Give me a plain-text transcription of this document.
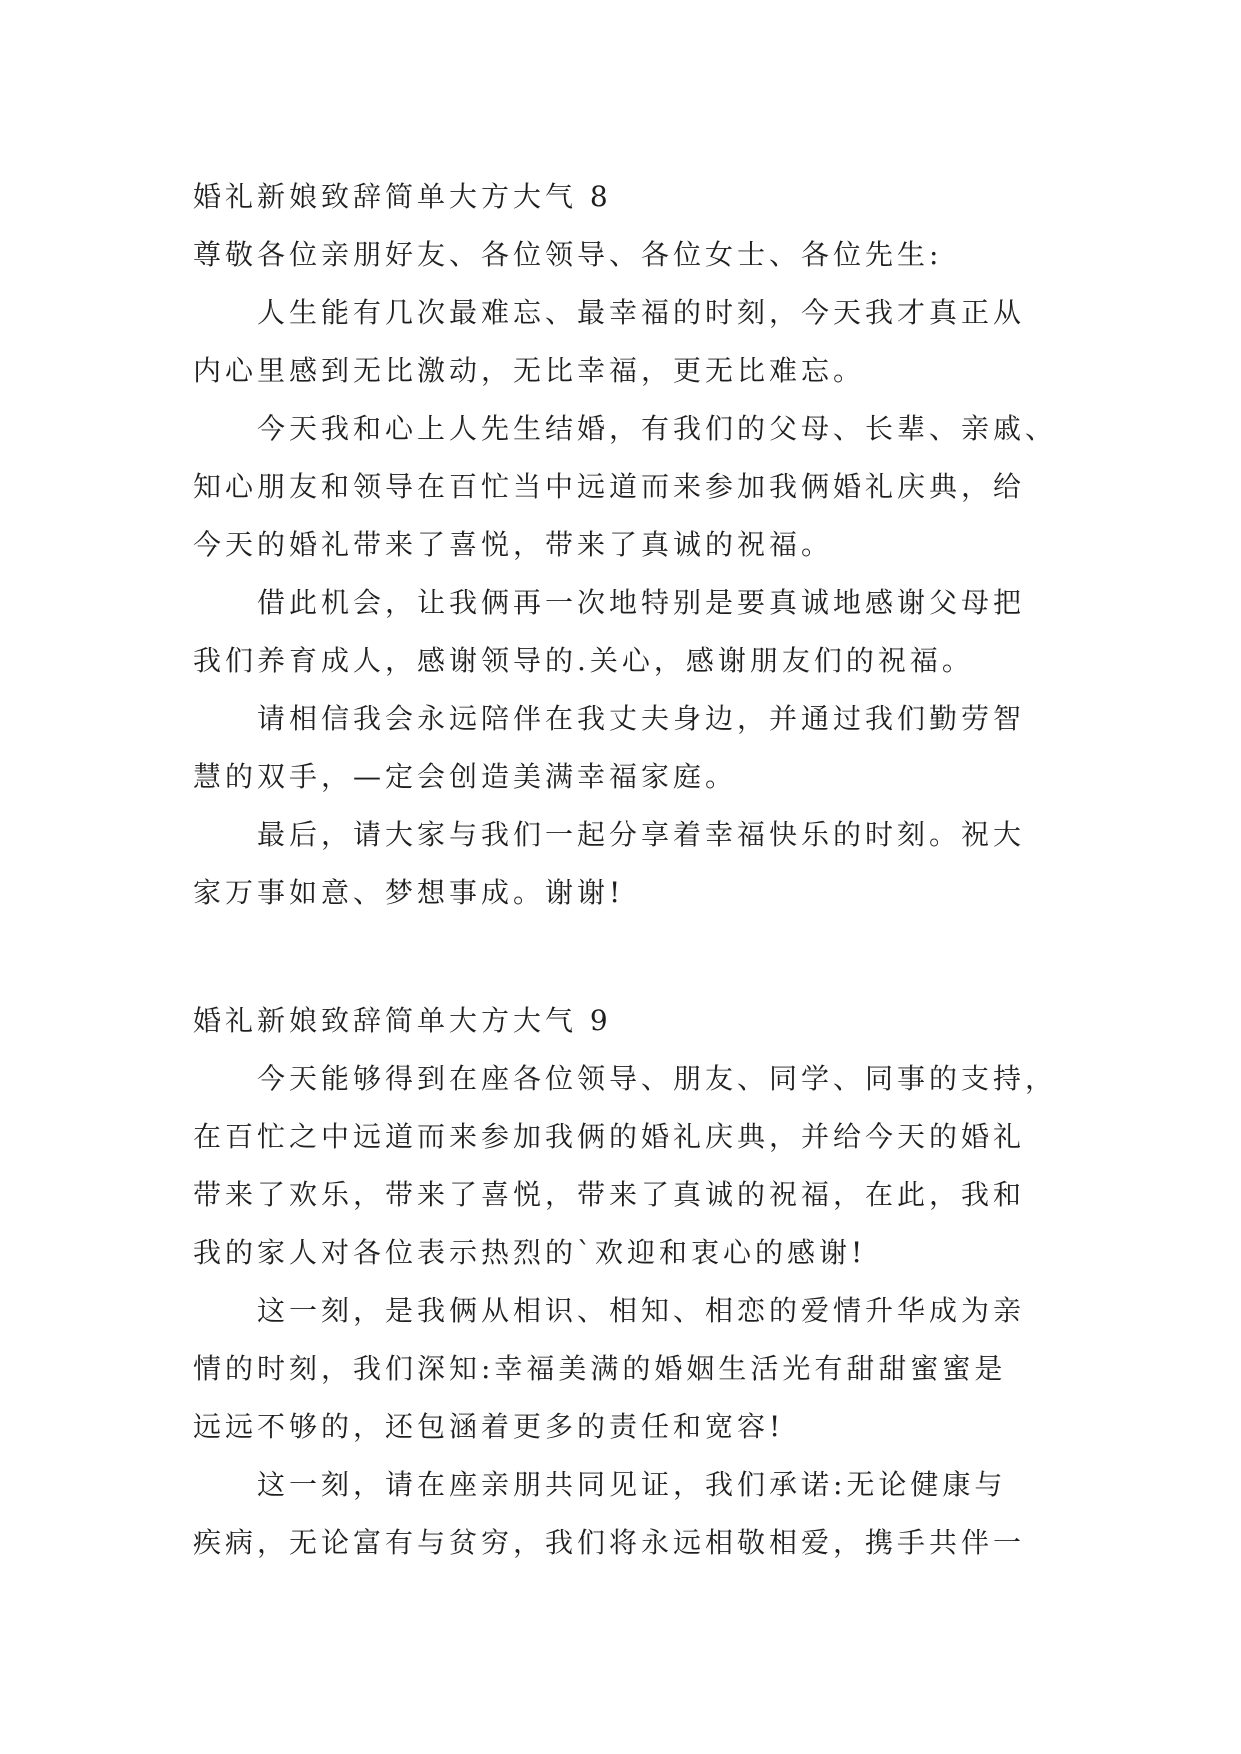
婚礼新娘致辞简单大方大气 8
尊敬各位亲朋好友、各位领导、各位女士、各位先生:
人生能有几次最难忘、最幸福的时刻，今天我才真正从
内心里感到无比激动，无比幸福，更无比难忘。
今天我和心上人先生结婚，有我们的父母、长辈、亲戚、
知心朋友和领导在百忙当中远道而来参加我俩婚礼庆典，给
今天的婚礼带来了喜悦，带来了真诚的祝福。
借此机会，让我俩再一次地特别是要真诚地感谢父母把
我们养育成人，感谢领导的.关心，感谢朋友们的祝福。
请相信我会永远陪伴在我丈夫身边，并通过我们勤劳智
慧的双手，—定会创造美满幸福家庭。
最后，请大家与我们一起分享着幸福快乐的时刻。祝大
家万事如意、梦想事成。谢谢!
婚礼新娘致辞简单大方大气 9
今天能够得到在座各位领导、朋友、同学、同事的支持，
在百忙之中远道而来参加我俩的婚礼庆典，并给今天的婚礼
带来了欢乐，带来了喜悦，带来了真诚的祝福，在此，我和
我的家人对各位表示热烈的`欢迎和衷心的感谢!
这一刻，是我俩从相识、相知、相恋的爱情升华成为亲
情的时刻，我们深知:幸福美满的婚姻生活光有甜甜蜜蜜是
远远不够的，还包涵着更多的责任和宽容!
这一刻，请在座亲朋共同见证，我们承诺:无论健康与
疾病，无论富有与贫穷，我们将永远相敬相爱，携手共伴一
